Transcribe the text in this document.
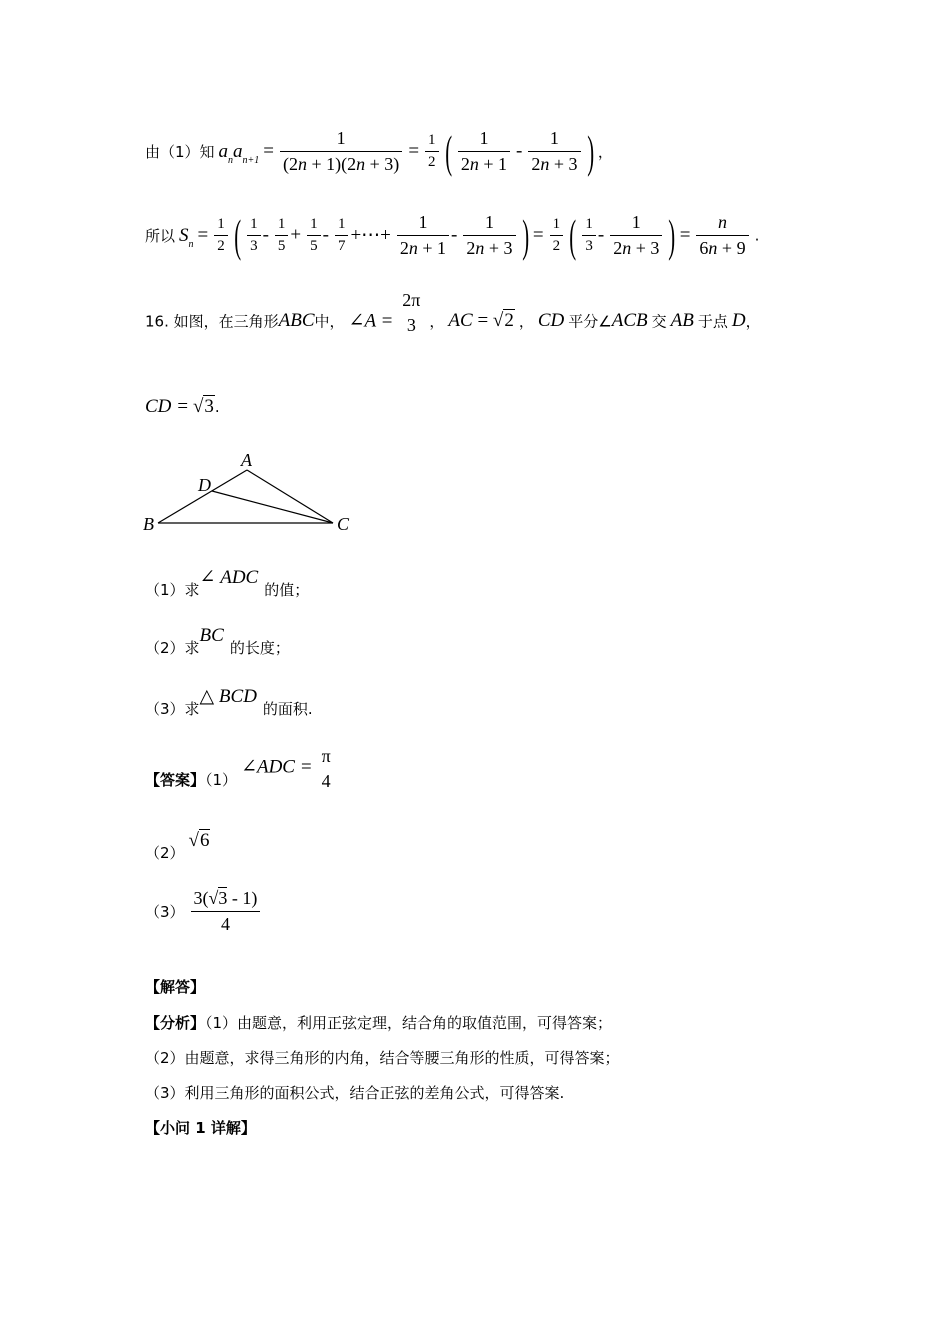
由（1）知 $a_na_{n+1} = \frac{1}{(2n + 1)(2n + 3)} = \frac{1}{2}$ ( $\frac{1}{2n + 1} - \frac{1}{2n + 3}$ ) ，
所以 $S_n = \frac{1}{2}$ ( $\frac{1}{3} - \frac{1}{5} + \frac{1}{5} - \frac{1}{7}$ +⋯+ $\frac{1}{2n + 1} - \frac{1}{2n + 3}$ ) = $\frac{1}{2}$ ( $\frac{1}{3} - \frac{1}{2n + 3}$ ) = $\frac{n}{6n + 9}$ .
16. 如图，在三角形ABC中， ∠A =
2π
3 ， AC = √2 ， CD 平分∠ACB 交 AB 于点 D，
CD = √3.
A
D
B	C
（1）求∠ ADC的值；
（2）求BC的长度；
（3）求△ BCD的面积.
【答案】（1） ∠ADC =
π
4
（2） √6
$(3) \frac{3(√3 - 1)}{4}$
【解答】
【分析】（1）由题意，利用正弦定理，结合角的取值范围，可得答案；
（2）由题意，求得三角形的内角，结合等腰三角形的性质，可得答案；
（3）利用三角形的面积公式，结合正弦的差角公式，可得答案.
【小问 1 详解】
